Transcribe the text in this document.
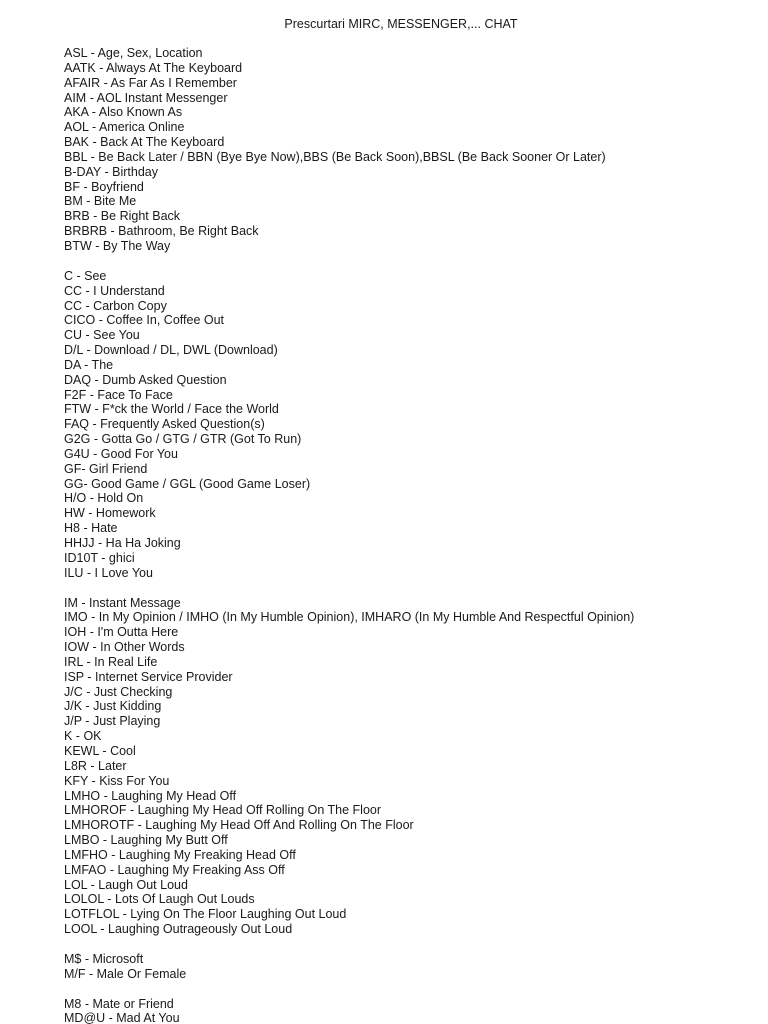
Prescurtari MIRC, MESSENGER,... CHAT
ASL - Age, Sex, Location
AATK - Always At The Keyboard
AFAIR - As Far As I Remember
AIM - AOL Instant Messenger
AKA - Also Known As
AOL - America Online
BAK - Back At The Keyboard
BBL - Be Back Later / BBN (Bye Bye Now),BBS (Be Back Soon),BBSL (Be Back Sooner Or Later)
B-DAY - Birthday
BF - Boyfriend
BM - Bite Me
BRB - Be Right Back
BRBRB - Bathroom, Be Right Back
BTW - By The Way
C - See
CC - I Understand
CC - Carbon Copy
CICO - Coffee In, Coffee Out
CU - See You
D/L - Download / DL, DWL (Download)
DA - The
DAQ - Dumb Asked Question
F2F - Face To Face
FTW - F*ck the World / Face the World
FAQ - Frequently Asked Question(s)
G2G - Gotta Go / GTG / GTR (Got To Run)
G4U - Good For You
GF- Girl Friend
GG- Good Game / GGL (Good Game Loser)
H/O - Hold On
HW - Homework
H8 - Hate
HHJJ - Ha Ha Joking
ID10T - ghici
ILU - I Love You
IM - Instant Message
IMO - In My Opinion / IMHO (In My Humble Opinion), IMHARO (In My Humble And Respectful Opinion)
IOH - I'm Outta Here
IOW - In Other Words
IRL - In Real Life
ISP - Internet Service Provider
J/C - Just Checking
J/K - Just Kidding
J/P - Just Playing
K - OK
KEWL - Cool
L8R - Later
KFY - Kiss For You
LMHO - Laughing My Head Off
LMHOROF - Laughing My Head Off Rolling On The Floor
LMHOROTF - Laughing My Head Off And Rolling On The Floor
LMBO - Laughing My Butt Off
LMFHO - Laughing My Freaking Head Off
LMFAO - Laughing My Freaking Ass Off
LOL - Laugh Out Loud
LOLOL - Lots Of Laugh Out Louds
LOTFLOL - Lying On The Floor Laughing Out Loud
LOOL - Laughing Outrageously Out Loud
M$ - Microsoft
M/F - Male Or Female
M8 - Mate or Friend
MD@U - Mad At You
